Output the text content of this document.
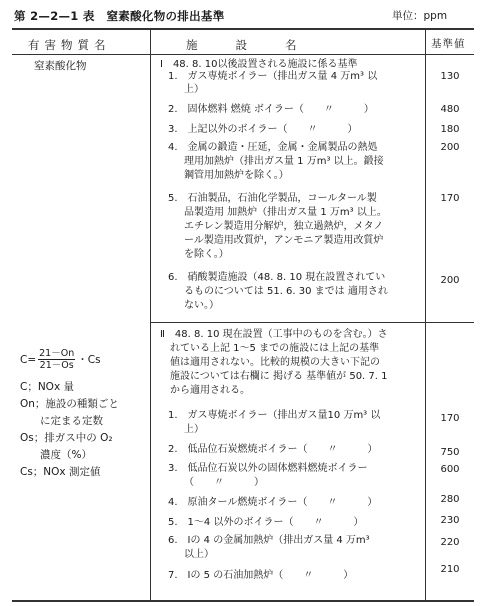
第 2—2—1 表　窒素酸化物の排出基準	単位：ppm
有害物質名	施　　設　　名	基準値
窒素酸化物
$C= \frac{21-On}{21-Os}$ ・Cs
C；NOx 量
On；施設の種類ごと
に定まる定数
Os；排ガス中の O₂
濃度（%）
Cs；NOx 測定値
Ⅰ　48. 8. 10以後設置される施設に係る基準
1.　ガス専焼ボイラー（排出ガス量 4 万m³ 以
上）
130
2.　固体燃料 燃焼 ボイラー（　　〃　　　）	480
3.　上記以外のボイラー（　　〃　　　）	180
4.　金属の鍛造・圧延，金属・金属製品の熱処
理用加熱炉（排出ガス量 1 万m³ 以上。鍛接
鋼管用加熱炉を除く。）
200
5.　石油製品，石油化学製品，コールタール製
品製造用 加熱炉（排出ガス量 1 万m³ 以上。
エチレン製造用分解炉，独立過熱炉，メタノ
ール製造用改質炉，アンモニア製造用改質炉
を除く。）
170
6.　硝酸製造施設（48. 8. 10 現在設置されてい
るものについては 51. 6. 30 までは 適用され
ない。）
200
Ⅱ　48. 8. 10 現在設置（工事中のものを含む。）さ
れている上記 1～5 までの施設には上記の基準
値は適用されない。比較的規模の大きい下記の
施設については右欄に 掲げる 基準値が 50. 7. 1
から適用される。
1.　ガス専焼ボイラー（排出ガス量10 万m³ 以
上）
170
2.　低品位石炭燃焼ボイラー（　　〃　　　）	750
3.　低品位石炭以外の固体燃料燃焼ボイラー
（　　〃　　　）
600
4.　原油タール燃焼ボイラー（　　〃　　　）	280
5.　1～4 以外のボイラー（　　〃　　　）	230
6.　Ⅰの 4 の金属加熱炉（排出ガス量 4 万m³
以上）
220
7.　Ⅰの 5 の石油加熱炉（　　〃　　　）
210
